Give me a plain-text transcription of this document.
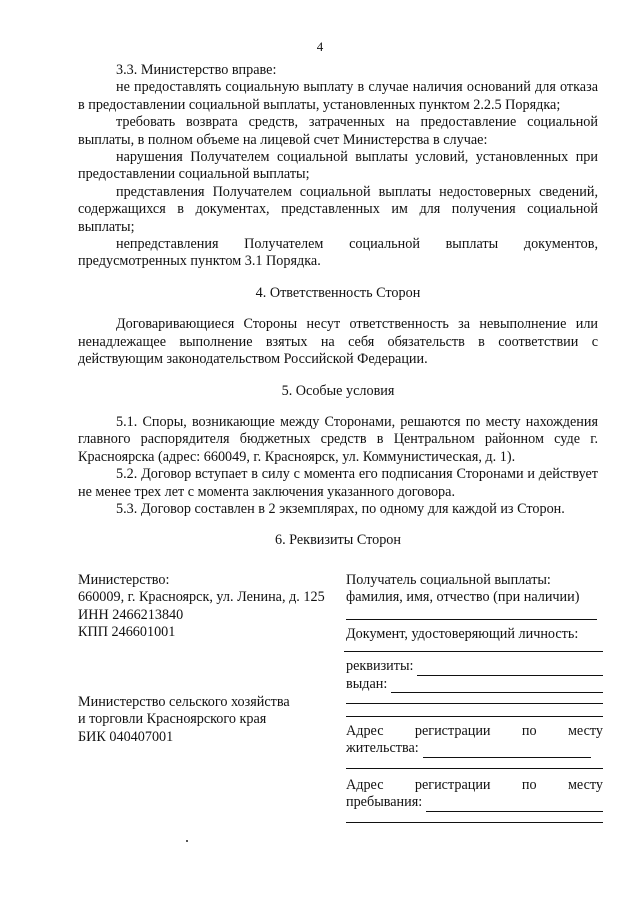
4

3.3. Министерство вправе:

не предоставлять социальную выплату в случае наличия оснований для отказа в предоставлении социальной выплаты, установленных пунктом 2.2.5 Порядка;

требовать возврата средств, затраченных на предоставление социальной выплаты, в полном объеме на лицевой счет Министерства в случае:

нарушения Получателем социальной выплаты условий, установленных при предоставлении социальной выплаты;

представления Получателем социальной выплаты недостоверных сведений, содержащихся в документах, представленных им для получения социальной выплаты;

непредставления Получателем социальной выплаты документов, предусмотренных пунктом 3.1 Порядка.

4. Ответственность Сторон

Договаривающиеся Стороны несут ответственность за невыполнение или ненадлежащее выполнение взятых на себя обязательств в соответствии с действующим законодательством Российской Федерации.

5. Особые условия

5.1. Споры, возникающие между Сторонами, решаются по месту нахождения главного распорядителя бюджетных средств в Центральном районном суде г. Красноярска (адрес: 660049, г. Красноярск, ул. Коммунистическая, д. 1).

5.2. Договор вступает в силу с момента его подписания Сторонами и действует не менее трех лет с момента заключения указанного договора.

5.3. Договор составлен в 2 экземплярах, по одному для каждой из Сторон.

6. Реквизиты Сторон

Министерство:
660009, г. Красноярск, ул. Ленина, д. 125
ИНН 2466213840
КПП 246601001
Министерство сельского хозяйства
и торговли Красноярского края
БИК 040407001
Получатель социальной выплаты:
фамилия, имя, отчество (при наличии)
Документ, удостоверяющий личность:
реквизиты:
выдан:
Адрес регистрации по месту
жительства:
Адрес регистрации по месту
пребывания:
